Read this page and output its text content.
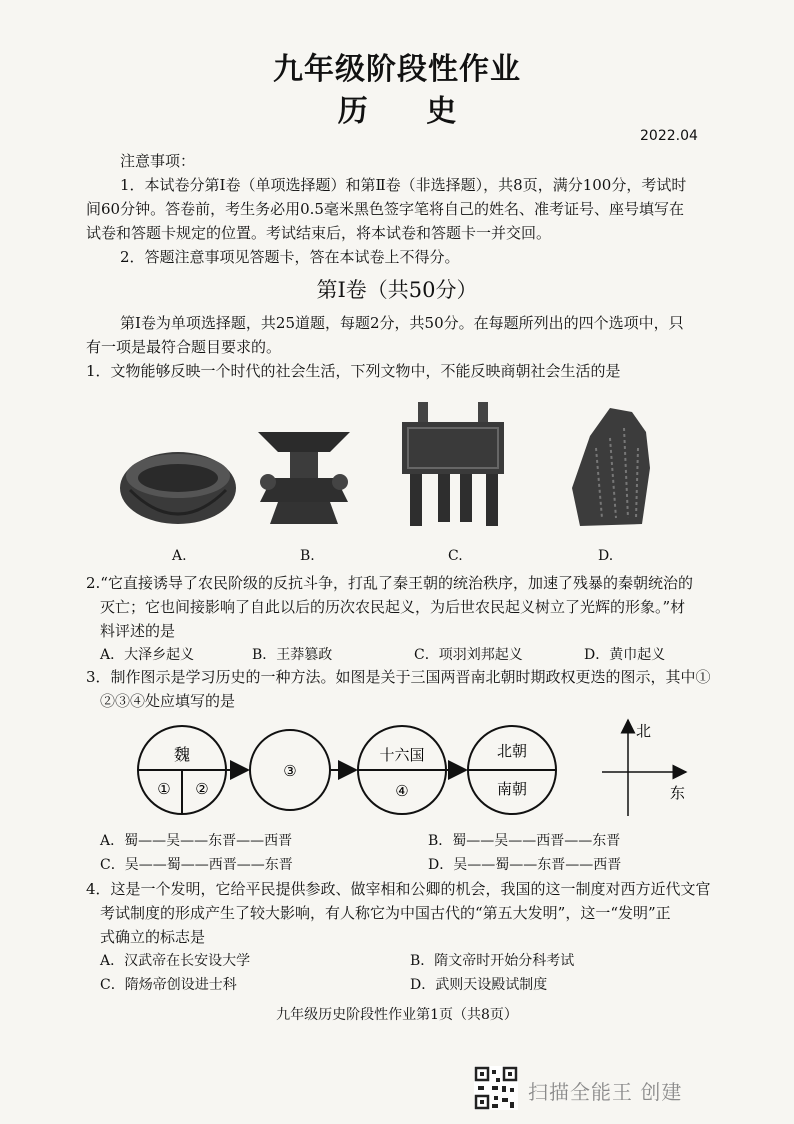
九年级阶段性作业
历 史
2022.04
注意事项：
1．本试卷分第Ⅰ卷（单项选择题）和第Ⅱ卷（非选择题），共8页，满分100分，考试时
间60分钟。答卷前，考生务必用0.5毫米黑色签字笔将自己的姓名、准考证号、座号填写在
试卷和答题卡规定的位置。考试结束后，将本试卷和答题卡一并交回。
2．答题注意事项见答题卡，答在本试卷上不得分。
第Ⅰ卷（共50分）
第Ⅰ卷为单项选择题，共25道题，每题2分，共50分。在每题所列出的四个选项中，只
有一项是最符合题目要求的。
1．文物能够反映一个时代的社会生活，下列文物中，不能反映商朝社会生活的是
A.	B.	C.	D.
2.“它直接诱导了农民阶级的反抗斗争，打乱了秦王朝的统治秩序，加速了残暴的秦朝统治的
灭亡；它也间接影响了自此以后的历次农民起义，为后世农民起义树立了光辉的形象。”材
料评述的是
A．大泽乡起义	B．王莽篡政	C．项羽刘邦起义	D．黄巾起义
3．制作图示是学习历史的一种方法。如图是关于三国两晋南北朝时期政权更迭的图示，其中①
②③④处应填写的是
魏
① ②
③
十六国
④
北朝
南朝
北
东
A．蜀——吴——东晋——西晋	B．蜀——吴——西晋——东晋
C．吴——蜀——西晋——东晋	D．吴——蜀——东晋——西晋
4．这是一个发明，它给平民提供参政、做宰相和公卿的机会，我国的这一制度对西方近代文官
考试制度的形成产生了较大影响，有人称它为中国古代的“第五大发明”，这一“发明”正
式确立的标志是
A．汉武帝在长安设大学	B．隋文帝时开始分科考试
C．隋炀帝创设进士科	D．武则天设殿试制度
九年级历史阶段性作业第1页（共8页）
扫描全能王 创建
